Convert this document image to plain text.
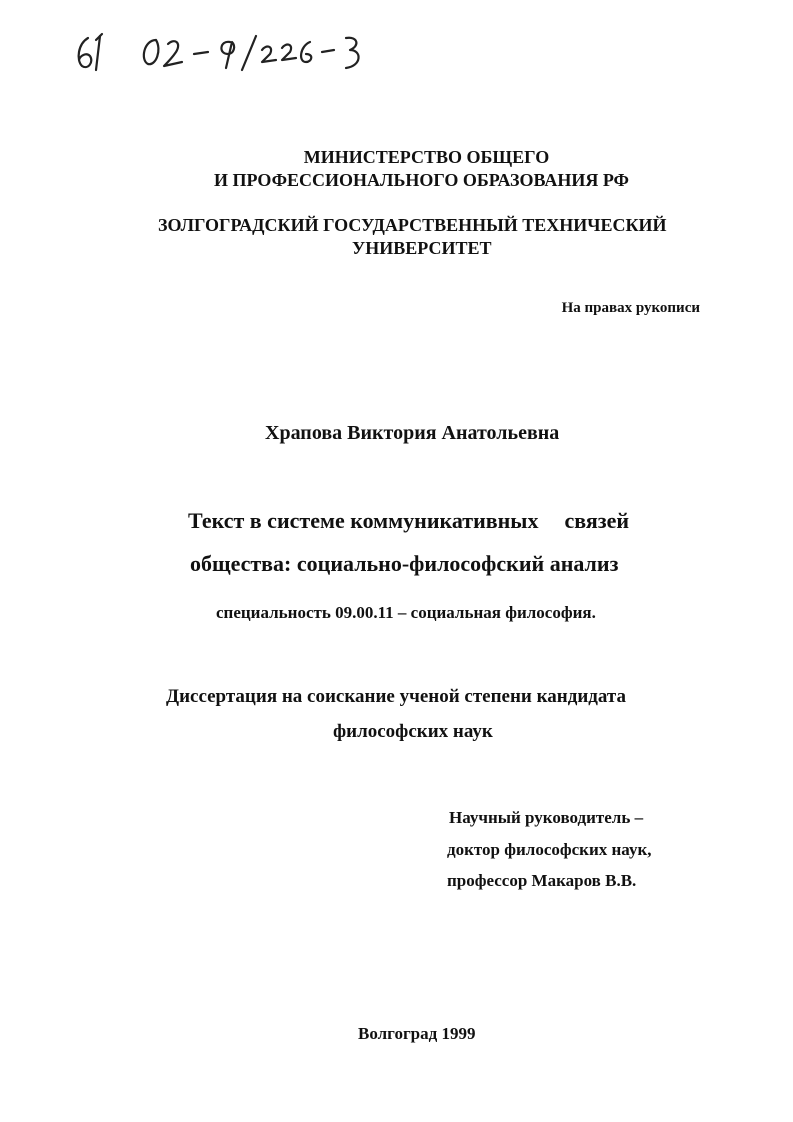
МИНИСТЕРСТВО ОБЩЕГО
И ПРОФЕССИОНАЛЬНОГО ОБРАЗОВАНИЯ РФ
ЗОЛГОГРАДСКИЙ ГОСУДАРСТВЕННЫЙ ТЕХНИЧЕСКИЙ
УНИВЕРСИТЕТ
На правах рукописи
Храпова Виктория Анатольевна
Текст в системе коммуникативных связей
общества: социально-философский анализ
специальность 09.00.11 – социальная философия.
Диссертация на соискание ученой степени кандидата
философских наук
Научный руководитель –
доктор философских наук,
профессор Макаров В.В.
Волгоград 1999
